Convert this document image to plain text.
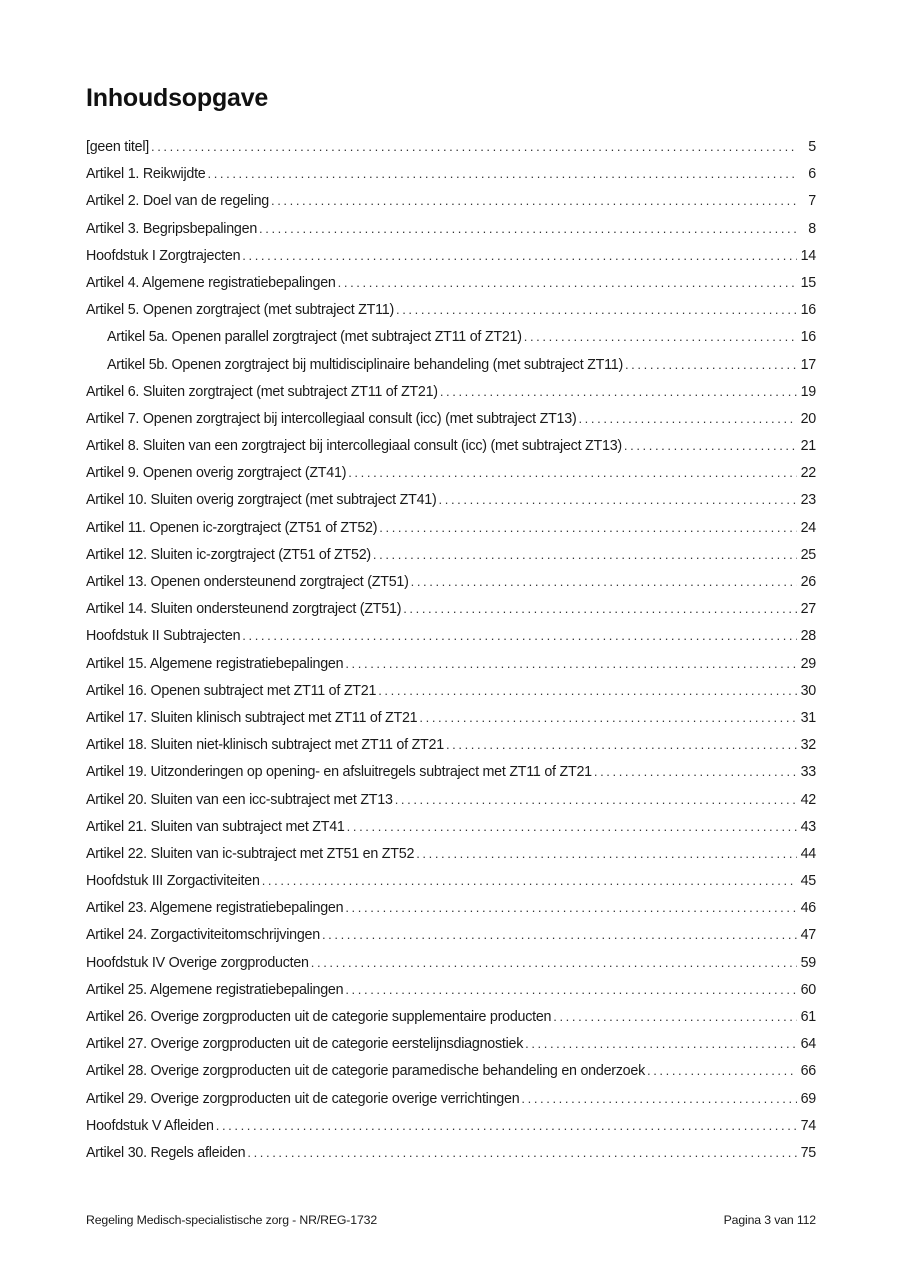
Inhoudsopgave
[geen titel] .....	5
Artikel 1. Reikwijdte .....	6
Artikel 2. Doel van de regeling .....	7
Artikel 3. Begripsbepalingen .....	8
Hoofdstuk I Zorgtrajecten .....	14
Artikel 4. Algemene registratiebepalingen .....	15
Artikel 5. Openen zorgtraject (met subtraject ZT11) .....	16
Artikel 5a. Openen parallel zorgtraject (met subtraject ZT11 of ZT21) .....	16
Artikel 5b. Openen zorgtraject bij multidisciplinaire behandeling (met subtraject ZT11) .....	17
Artikel 6. Sluiten zorgtraject (met subtraject ZT11 of ZT21) .....	19
Artikel 7. Openen zorgtraject bij intercollegiaal consult (icc) (met subtraject ZT13) .....	20
Artikel 8. Sluiten van een zorgtraject bij intercollegiaal consult (icc) (met subtraject ZT13) .....	21
Artikel 9. Openen overig zorgtraject (ZT41) .....	22
Artikel 10. Sluiten overig zorgtraject (met subtraject ZT41) .....	23
Artikel 11. Openen ic-zorgtraject (ZT51 of ZT52) .....	24
Artikel 12. Sluiten ic-zorgtraject (ZT51 of ZT52) .....	25
Artikel 13. Openen ondersteunend zorgtraject (ZT51) .....	26
Artikel 14. Sluiten ondersteunend zorgtraject (ZT51) .....	27
Hoofdstuk II Subtrajecten .....	28
Artikel 15. Algemene registratiebepalingen .....	29
Artikel 16. Openen subtraject met ZT11 of ZT21 .....	30
Artikel 17. Sluiten klinisch subtraject met ZT11 of ZT21 .....	31
Artikel 18. Sluiten niet-klinisch subtraject met ZT11 of ZT21 .....	32
Artikel 19. Uitzonderingen op opening- en afsluitregels subtraject met ZT11 of ZT21 .....	33
Artikel 20. Sluiten van een icc-subtraject met ZT13 .....	42
Artikel 21. Sluiten van subtraject met ZT41 .....	43
Artikel 22. Sluiten van ic-subtraject met ZT51 en ZT52 .....	44
Hoofdstuk III Zorgactiviteiten .....	45
Artikel 23. Algemene registratiebepalingen .....	46
Artikel 24. Zorgactiviteitomschrijvingen .....	47
Hoofdstuk IV Overige zorgproducten .....	59
Artikel 25. Algemene registratiebepalingen .....	60
Artikel 26. Overige zorgproducten uit de categorie supplementaire producten .....	61
Artikel 27. Overige zorgproducten uit de categorie eerstelijnsdiagnostiek .....	64
Artikel 28. Overige zorgproducten uit de categorie paramedische behandeling en onderzoek .....	66
Artikel 29. Overige zorgproducten uit de categorie overige verrichtingen .....	69
Hoofdstuk V Afleiden .....	74
Artikel 30. Regels afleiden .....	75
Regeling Medisch-specialistische zorg - NR/REG-1732	Pagina 3 van 112
